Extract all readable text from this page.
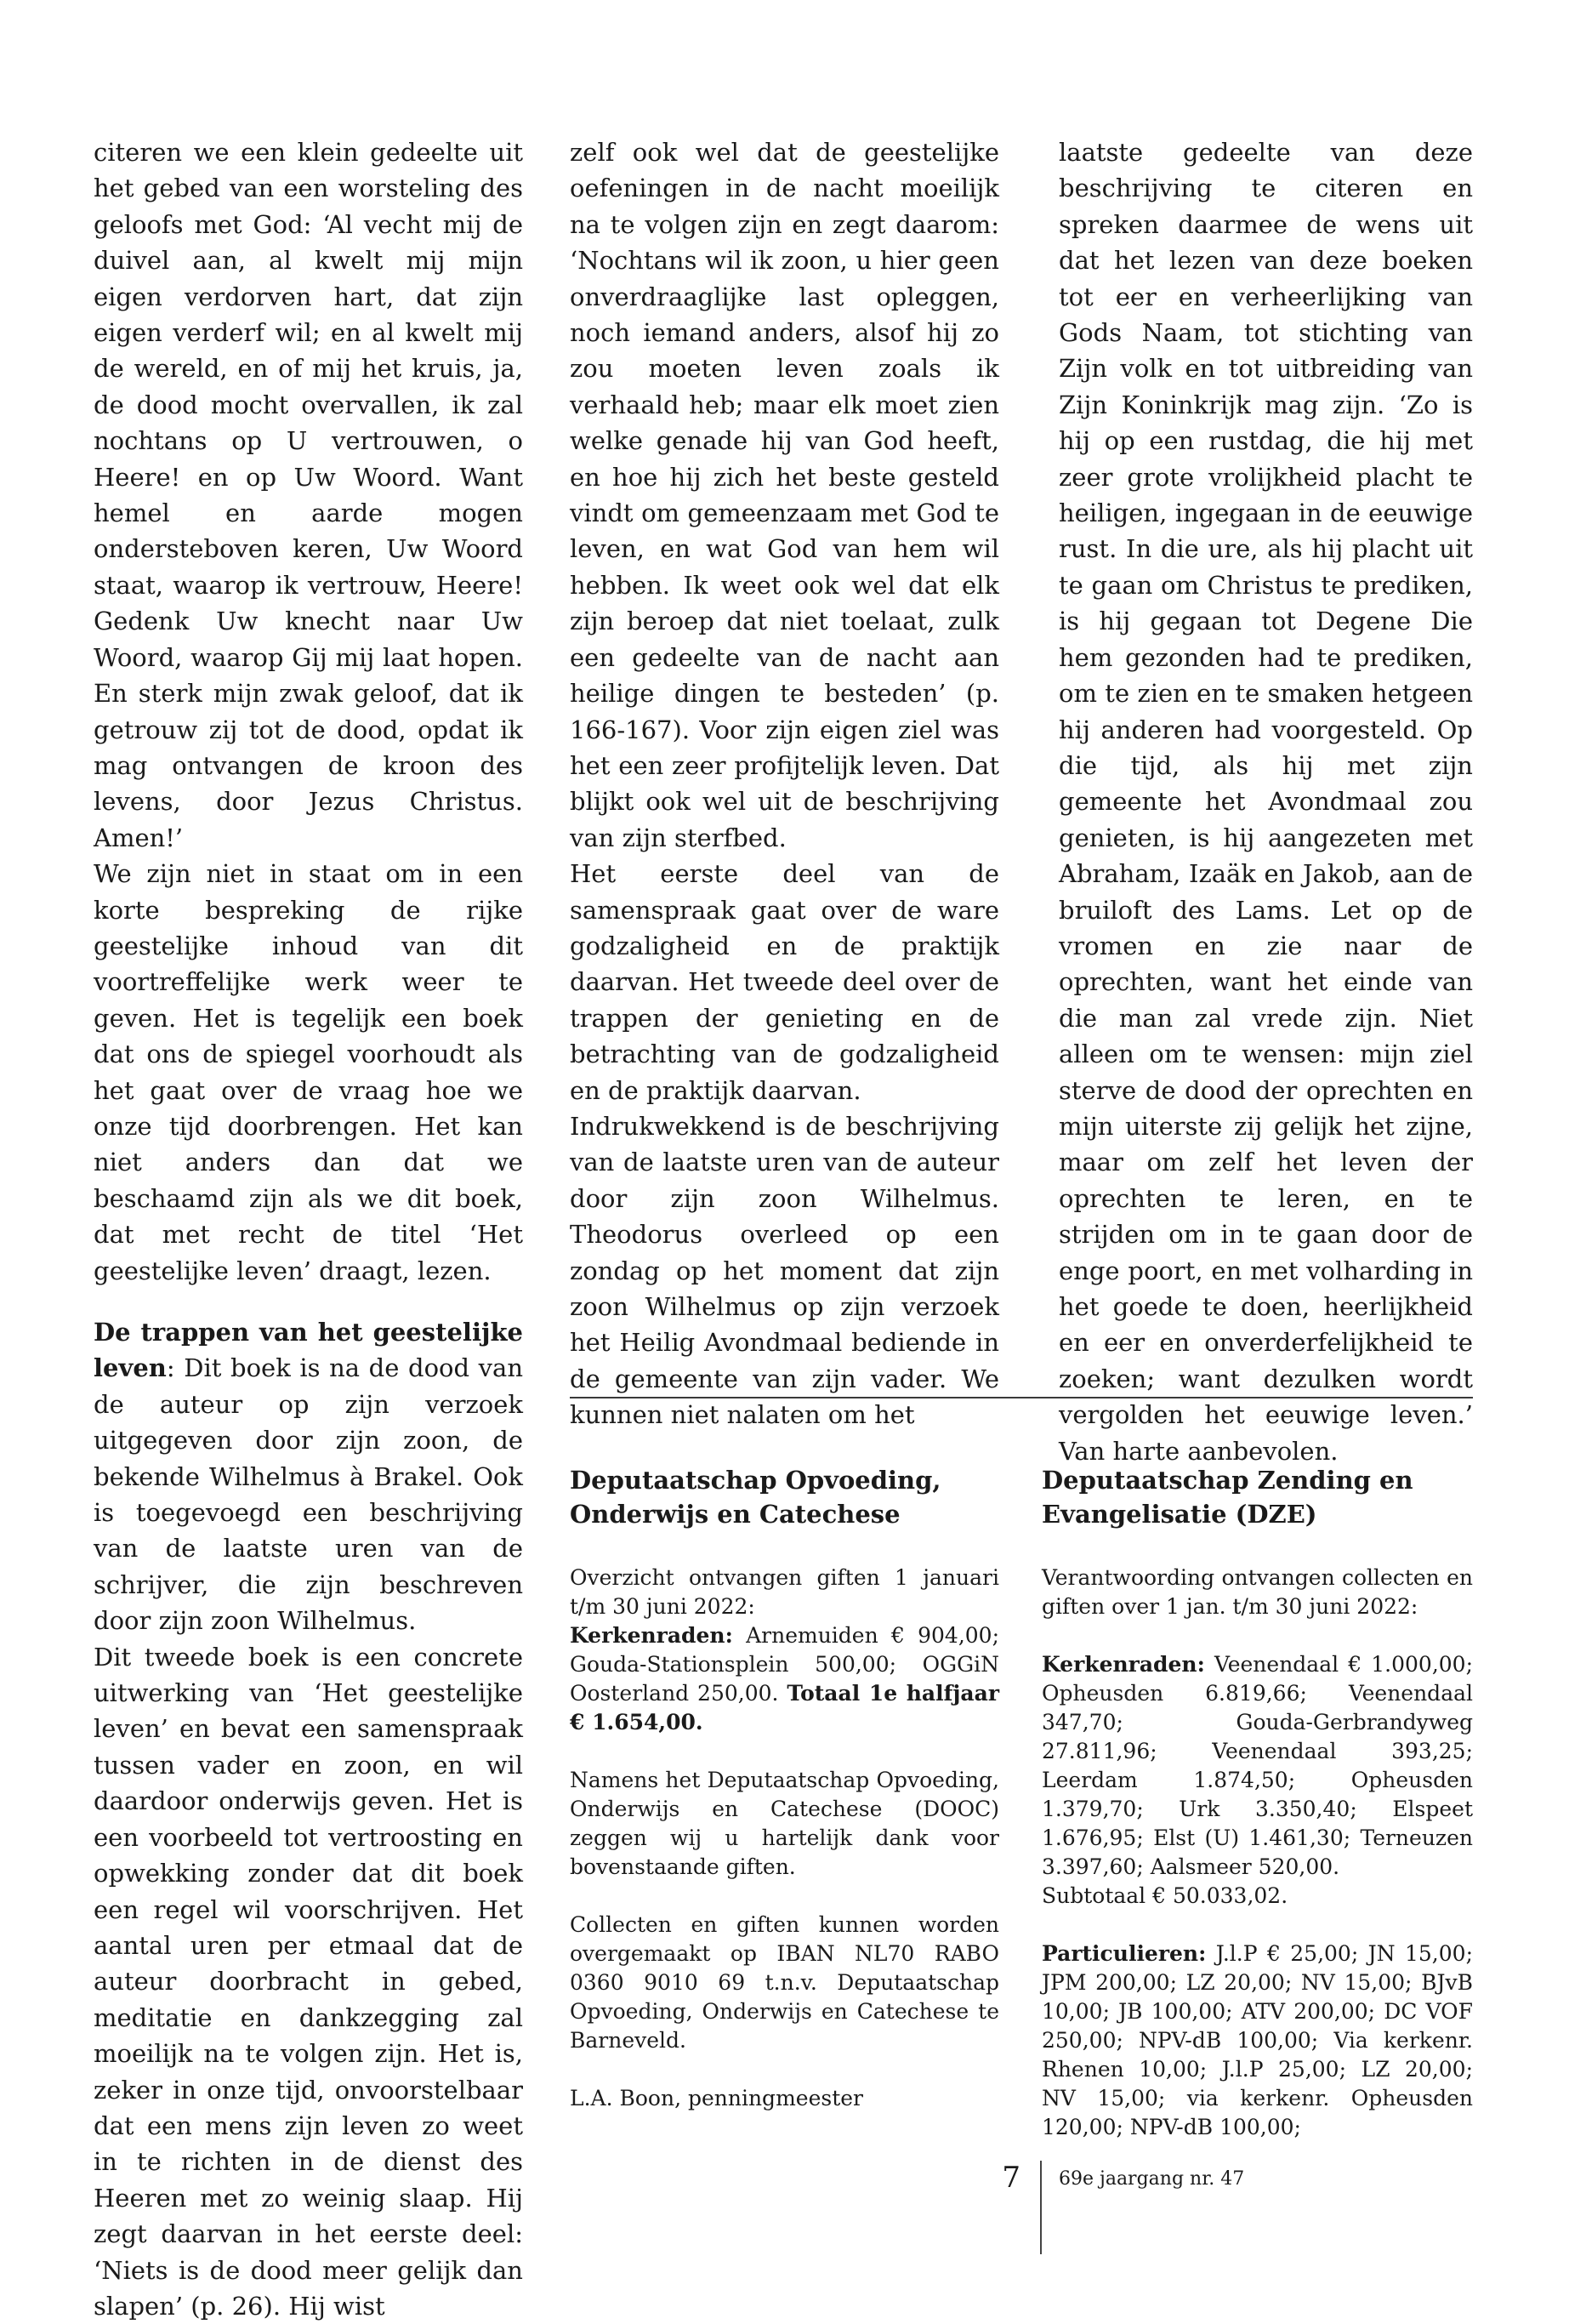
citeren we een klein gedeelte uit het gebed van een worsteling des geloofs met God: ‘Al vecht mij de duivel aan, al kwelt mij mijn eigen verdorven hart, dat zijn eigen verderf wil; en al kwelt mij de wereld, en of mij het kruis, ja, de dood mocht overvallen, ik zal nochtans op U vertrouwen, o Heere! en op Uw Woord. Want hemel en aarde mogen ondersteboven keren, Uw Woord staat, waarop ik vertrouw, Heere! Gedenk Uw knecht naar Uw Woord, waarop Gij mij laat hopen. En sterk mijn zwak geloof, dat ik getrouw zij tot de dood, opdat ik mag ontvangen de kroon des levens, door Jezus Christus. Amen!’

We zijn niet in staat om in een korte bespreking de rijke geestelijke inhoud van dit voortreffelijke werk weer te geven. Het is tegelijk een boek dat ons de spiegel voorhoudt als het gaat over de vraag hoe we onze tijd doorbrengen. Het kan niet anders dan dat we beschaamd zijn als we dit boek, dat met recht de titel ‘Het geestelijke leven’ draagt, lezen.

De trappen van het geestelijke leven: Dit boek is na de dood van de auteur op zijn verzoek uitgegeven door zijn zoon, de bekende Wilhelmus à Brakel. Ook is toegevoegd een beschrijving van de laatste uren van de schrijver, die zijn beschreven door zijn zoon Wilhelmus.

Dit tweede boek is een concrete uitwerking van ‘Het geestelijke leven’ en bevat een samenspraak tussen vader en zoon, en wil daardoor onderwijs geven. Het is een voorbeeld tot vertroosting en opwekking zonder dat dit boek een regel wil voorschrijven. Het aantal uren per etmaal dat de auteur doorbracht in gebed, meditatie en dankzegging zal moeilijk na te volgen zijn. Het is, zeker in onze tijd, onvoorstelbaar dat een mens zijn leven zo weet in te richten in de dienst des Heeren met zo weinig slaap. Hij zegt daarvan in het eerste deel: ‘Niets is de dood meer gelijk dan slapen’ (p. 26). Hij wist

zelf ook wel dat de geestelijke oefeningen in de nacht moeilijk na te volgen zijn en zegt daarom: ‘Nochtans wil ik zoon, u hier geen onverdraaglijke last opleggen, noch iemand anders, alsof hij zo zou moeten leven zoals ik verhaald heb; maar elk moet zien welke genade hij van God heeft, en hoe hij zich het beste gesteld vindt om gemeenzaam met God te leven, en wat God van hem wil hebben. Ik weet ook wel dat elk zijn beroep dat niet toelaat, zulk een gedeelte van de nacht aan heilige dingen te besteden’ (p. 166-167). Voor zijn eigen ziel was het een zeer profijtelijk leven. Dat blijkt ook wel uit de beschrijving van zijn sterfbed.

Het eerste deel van de samenspraak gaat over de ware godzaligheid en de praktijk daarvan. Het tweede deel over de trappen der genieting en de betrachting van de godzaligheid en de praktijk daarvan.

Indrukwekkend is de beschrijving van de laatste uren van de auteur door zijn zoon Wilhelmus. Theodorus overleed op een zondag op het moment dat zijn zoon Wilhelmus op zijn verzoek het Heilig Avondmaal bediende in de gemeente van zijn vader. We kunnen niet nalaten om het

laatste gedeelte van deze beschrijving te citeren en spreken daarmee de wens uit dat het lezen van deze boeken tot eer en verheerlijking van Gods Naam, tot stichting van Zijn volk en tot uitbreiding van Zijn Koninkrijk mag zijn. ‘Zo is hij op een rustdag, die hij met zeer grote vrolijkheid placht te heiligen, ingegaan in de eeuwige rust. In die ure, als hij placht uit te gaan om Christus te prediken, is hij gegaan tot Degene Die hem gezonden had te prediken, om te zien en te smaken hetgeen hij anderen had voorgesteld. Op die tijd, als hij met zijn gemeente het Avondmaal zou genieten, is hij aangezeten met Abraham, Izaäk en Jakob, aan de bruiloft des Lams. Let op de vromen en zie naar de oprechten, want het einde van die man zal vrede zijn. Niet alleen om te wensen: mijn ziel sterve de dood der oprechten en mijn uiterste zij gelijk het zijne, maar om zelf het leven der oprechten te leren, en te strijden om in te gaan door de enge poort, en met volharding in het goede te doen, heerlijkheid en eer en onverderfelijkheid te zoeken; want dezulken wordt vergolden het eeuwige leven.’ Van harte aanbevolen.

Deputaatschap Opvoeding, Onderwijs en Catechese

Overzicht ontvangen giften 1 januari t/m 30 juni 2022:

Kerkenraden: Arnemuiden € 904,00; Gouda-Stationsplein 500,00; OGGiN Oosterland 250,00. Totaal 1e halfjaar € 1.654,00.

Namens het Deputaatschap Opvoeding, Onderwijs en Catechese (DOOC) zeggen wij u hartelijk dank voor bovenstaande giften.

Collecten en giften kunnen worden overgemaakt op IBAN NL70 RABO 0360 9010 69 t.n.v. Deputaatschap Opvoeding, Onderwijs en Catechese te Barneveld.

L.A. Boon, penningmeester

Deputaatschap Zending en Evangelisatie (DZE)

Verantwoording ontvangen collecten en giften over 1 jan. t/m 30 juni 2022:

Kerkenraden: Veenendaal € 1.000,00; Opheusden 6.819,66; Veenendaal 347,70; Gouda-Gerbrandyweg 27.811,96; Veenendaal 393,25; Leerdam 1.874,50; Opheusden 1.379,70; Urk 3.350,40; Elspeet 1.676,95; Elst (U) 1.461,30; Terneuzen 3.397,60; Aalsmeer 520,00.

Subtotaal € 50.033,02.

Particulieren: J.l.P € 25,00; JN 15,00; JPM 200,00; LZ 20,00; NV 15,00; BJvB 10,00; JB 100,00; ATV 200,00; DC VOF 250,00; NPV-dB 100,00; Via kerkenr. Rhenen 10,00; J.l.P 25,00; LZ 20,00; NV 15,00; via kerkenr. Opheusden 120,00; NPV-dB 100,00;

7 69e jaargang nr. 47
